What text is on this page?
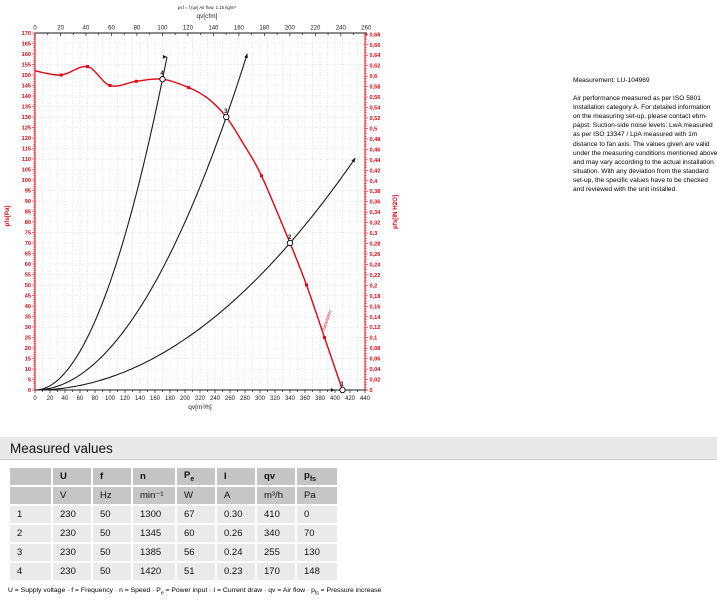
0	20	40	60	80	100	120	140	160	180	200	220	240	260
0 20 40 60 80 100 120 140 160 180 200 220 240 260 280 300 320 340 360 380 400 420 440
0
5
10
15
20
25
30
35
40
45
50
55
60
65
70
75
80
85
90
95
100
105
110
115
120
125
130
135
140
145
150
155
160
165
170
0
0,02
0,04
0,06
0,08
0,1
0,12
0,14
0,16
0,18
0,2
0,22
0,24
0,26
0,28
0,3
0,32
0,34
0,36
0,38
0,4
0,42
0,44
0,46
0,48
0,5
0,52
0,54
0,56
0,58
0,6
0,62
0,64
0,66
0,68
230V/50Hz
1
2
3
4
psf = f (qv) Air flow, 1.15 kg/m³
qv[cfm]
qv[m³/h]
pfs[Pa]	pfs[IN H2O]
Measurement: LU-104969
Air performance measured as per ISO 5801 Installation category A. For detailed information on the measuring set-up, please contact ebm-papst. Suction-side noise levels: LwA measured as per ISO 13347 / LpA measured with 1m distance to fan axis. The values given are valid under the measuring conditions mentioned above and may vary according to the actual installation situation. With any deviation from the standard set-up, the specific values have to be checked and reviewed with the unit installed.
Measured values
	U	f	n	$P_e$	I	qv	$p_{fs}$
	V	Hz	min⁻¹	W	A	m³/h	Pa
1	230	50	1300	67	0.30	410	0
2	230	50	1345	60	0.26	340	70
3	230	50	1385	56	0.24	255	130
4	230	50	1420	51	0.23	170	148
U = Supply voltage · f = Frequency · n = Speed · $P_e$ = Power input · I = Current draw · qv = Air flow · $p_{fs}$ = Pressure increase
